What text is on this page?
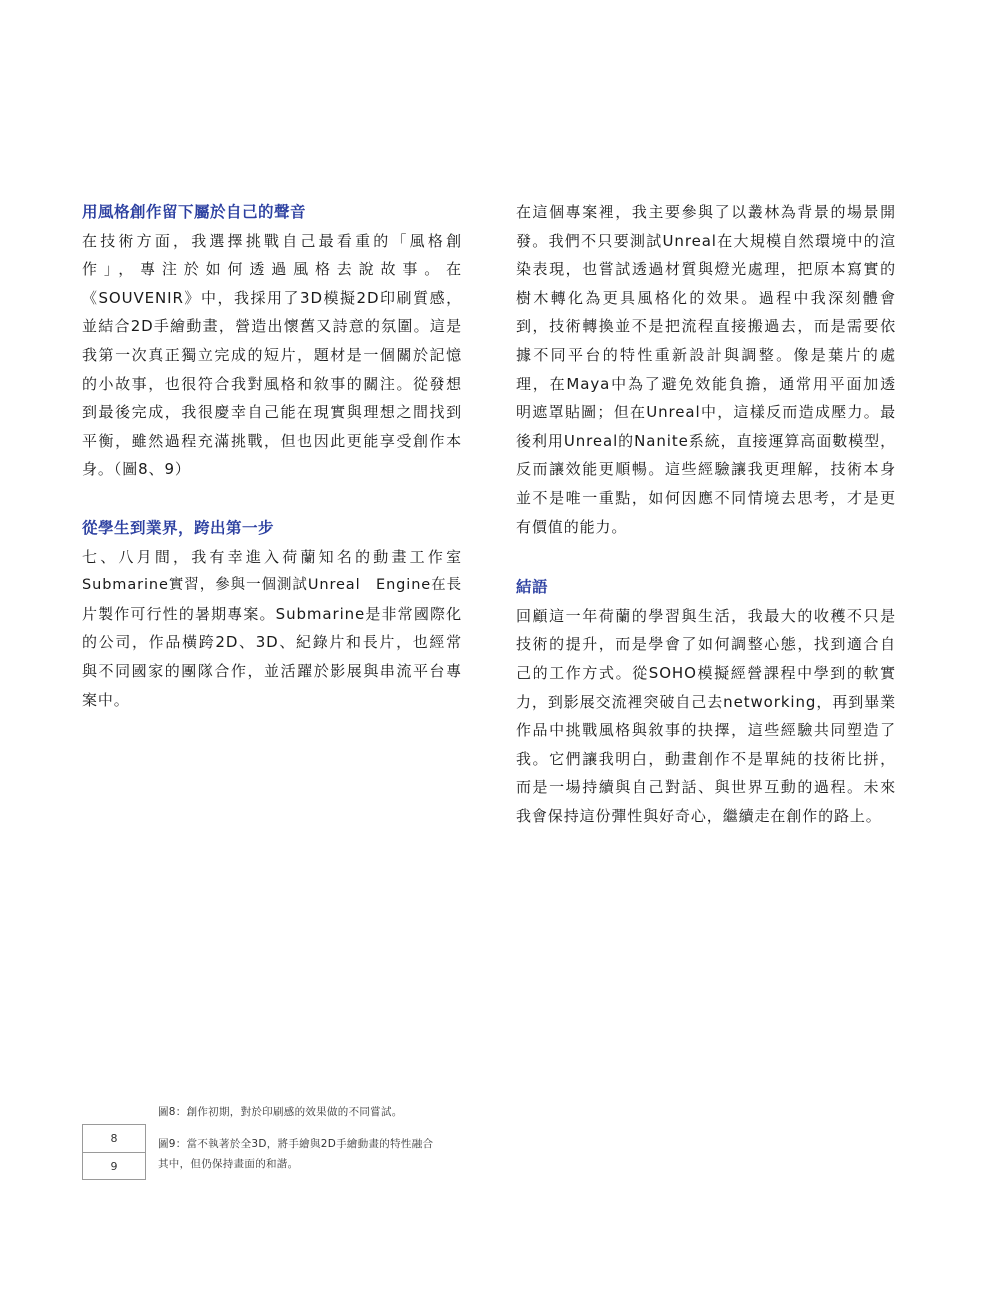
用風格創作留下屬於自己的聲音
在技術方面，我選擇挑戰自己最看重的「風格創
作」，專注於如何透過風格去說故事。在
《SOUVENIR》中，我採用了3D模擬2D印刷質感，
並結合2D手繪動畫，營造出懷舊又詩意的氛圍。這是
我第一次真正獨立完成的短片，題材是一個關於記憶
的小故事，也很符合我對風格和敘事的關注。從發想
到最後完成，我很慶幸自己能在現實與理想之間找到
平衡，雖然過程充滿挑戰，但也因此更能享受創作本
身。（圖8、9）
從學生到業界，跨出第一步
七、八月間，我有幸進入荷蘭知名的動畫工作室
Submarine實習，參與一個測試Unreal　Engine在長
片製作可行性的暑期專案。Submarine是非常國際化
的公司，作品橫跨2D、3D、紀錄片和長片，也經常
與不同國家的團隊合作，並活躍於影展與串流平台專
案中。
在這個專案裡，我主要參與了以叢林為背景的場景開
發。我們不只要測試Unreal在大規模自然環境中的渲
染表現，也嘗試透過材質與燈光處理，把原本寫實的
樹木轉化為更具風格化的效果。過程中我深刻體會
到，技術轉換並不是把流程直接搬過去，而是需要依
據不同平台的特性重新設計與調整。像是葉片的處
理，在Maya中為了避免效能負擔，通常用平面加透
明遮罩貼圖；但在Unreal中，這樣反而造成壓力。最
後利用Unreal的Nanite系統，直接運算高面數模型，
反而讓效能更順暢。這些經驗讓我更理解，技術本身
並不是唯一重點，如何因應不同情境去思考，才是更
有價值的能力。
結語
回顧這一年荷蘭的學習與生活，我最大的收穫不只是
技術的提升，而是學會了如何調整心態，找到適合自
己的工作方式。從SOHO模擬經營課程中學到的軟實
力，到影展交流裡突破自己去networking，再到畢業
作品中挑戰風格與敘事的抉擇，這些經驗共同塑造了
我。它們讓我明白，動畫創作不是單純的技術比拼，
而是一場持續與自己對話、與世界互動的過程。未來
我會保持這份彈性與好奇心，繼續走在創作的路上。
8
9
圖8：創作初期，對於印刷感的效果做的不同嘗試。
圖9：當不執著於全3D，將手繪與2D手繪動畫的特性融合
其中，但仍保持畫面的和諧。
